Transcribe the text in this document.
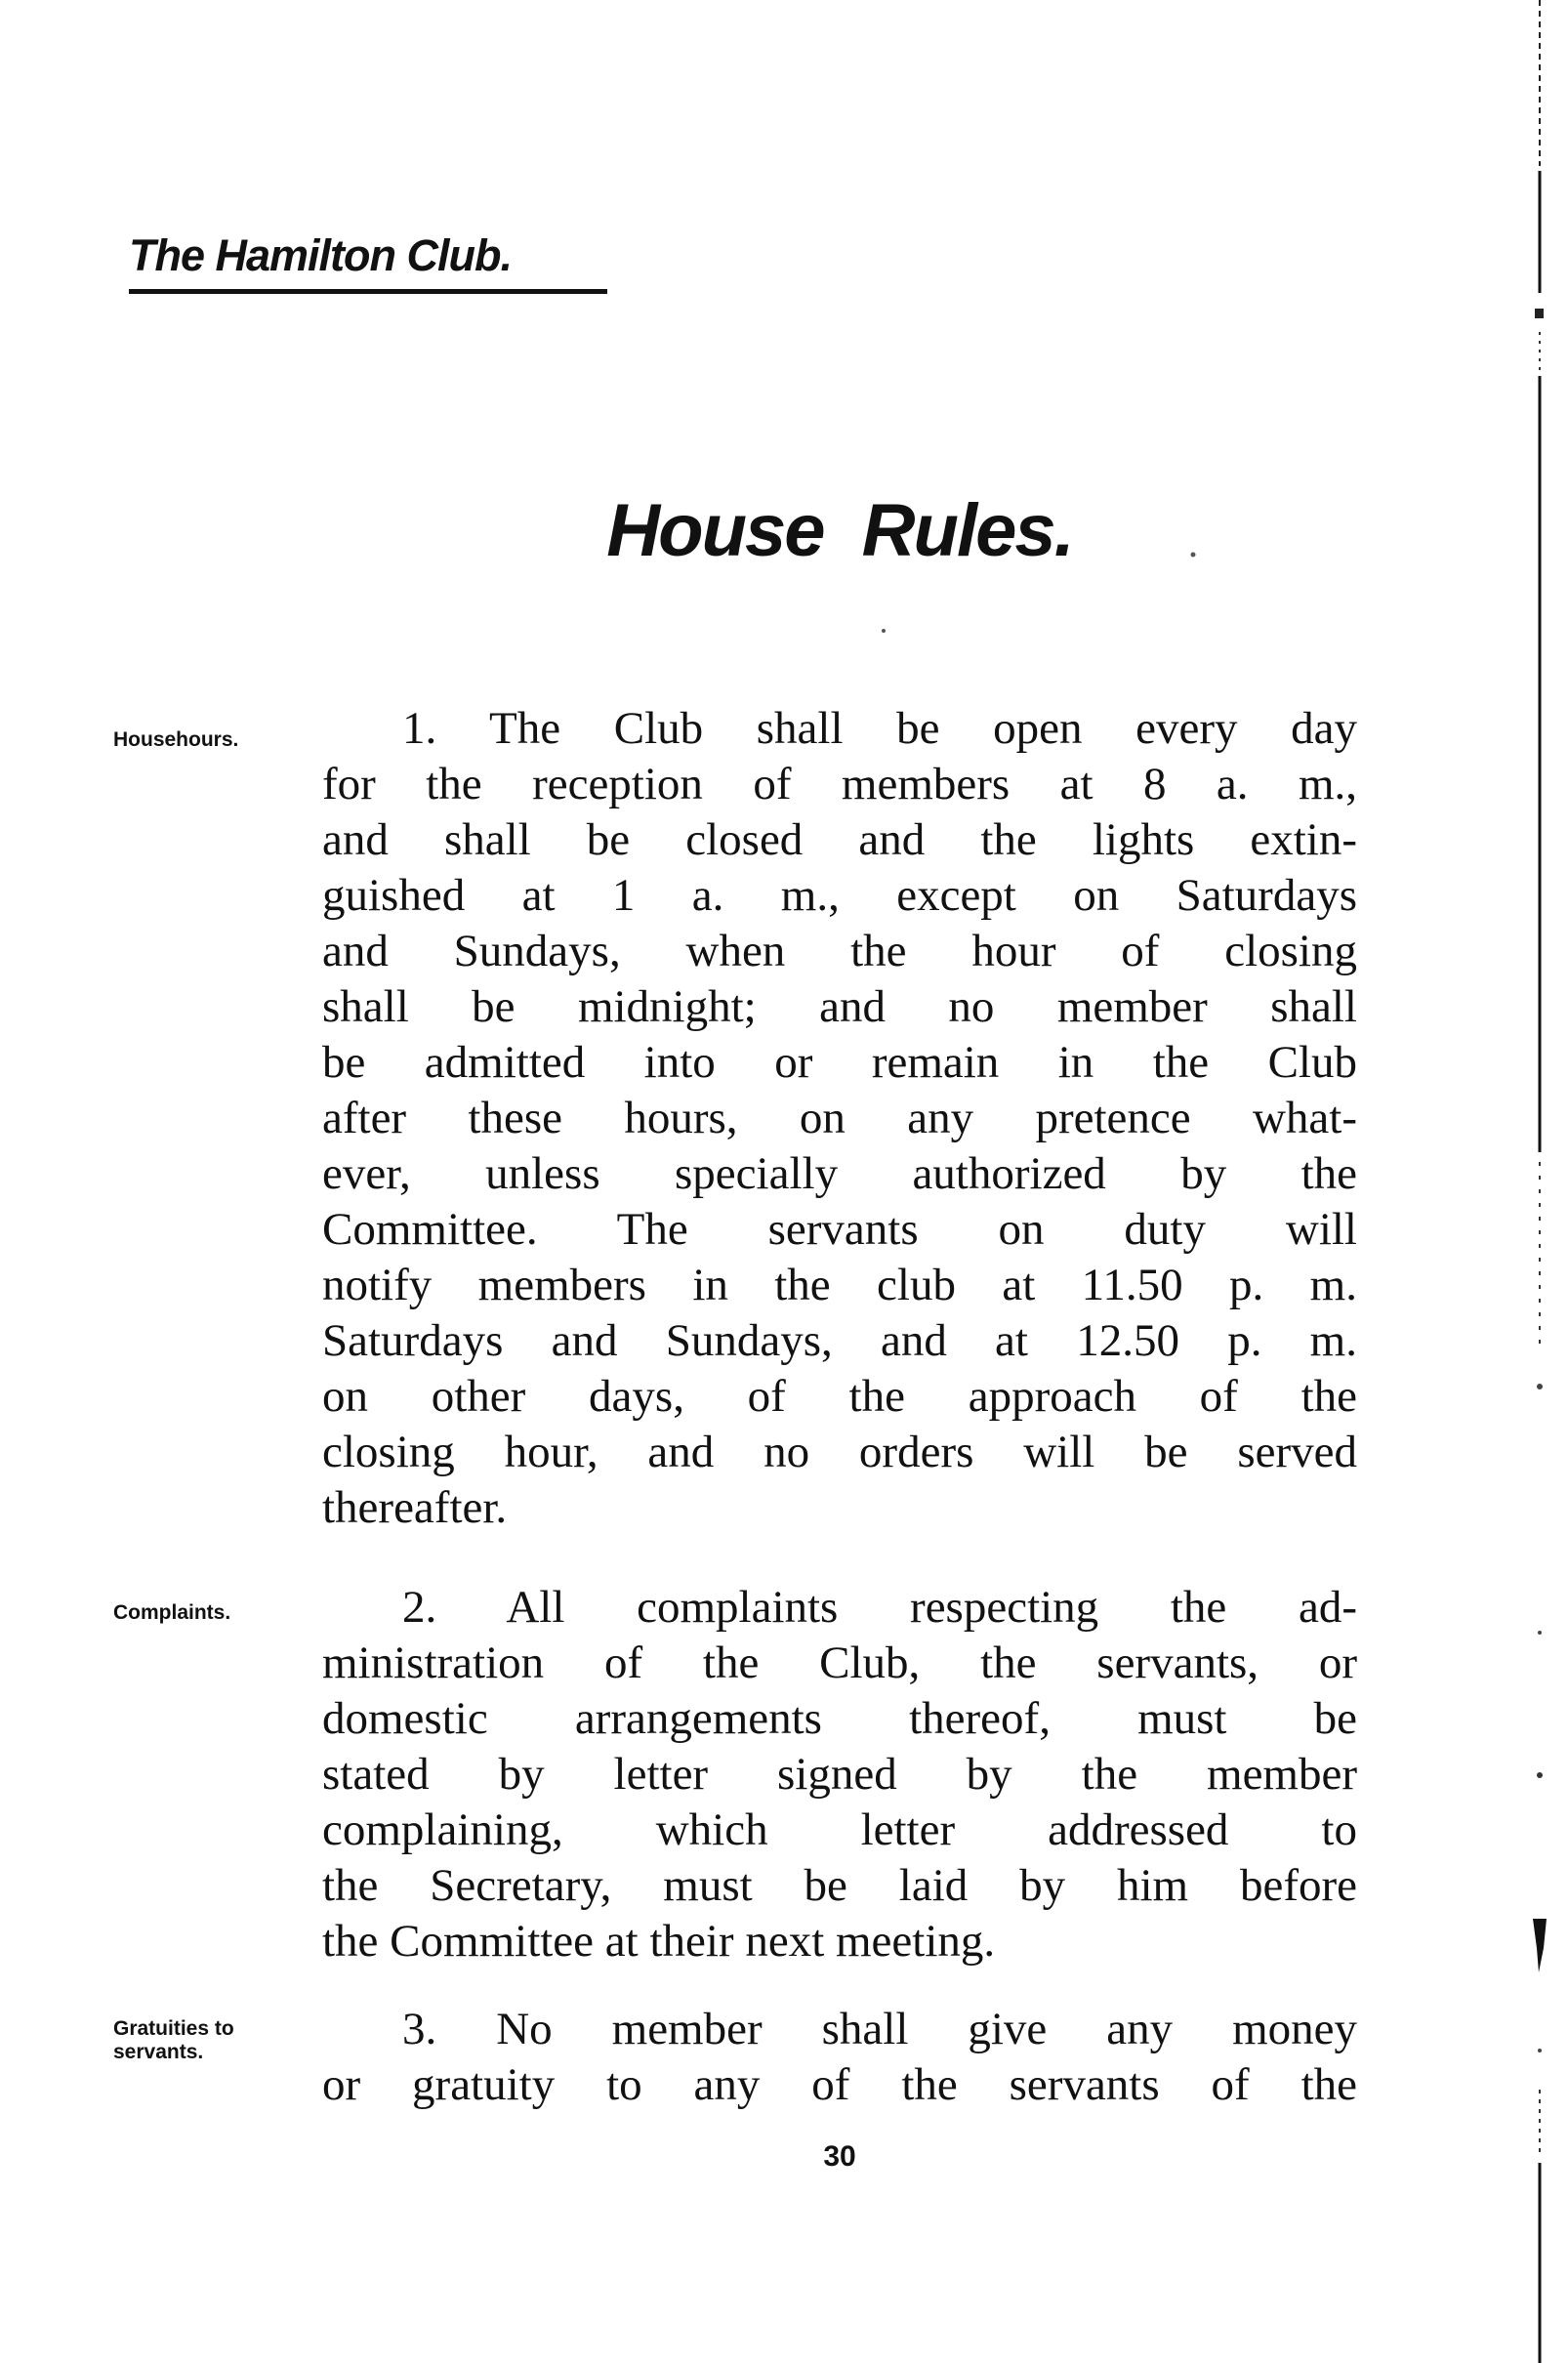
The Hamilton Club.
House Rules.
Househours.	1. The Club shall be open every day
for the reception of members at 8 a. m.,
and shall be closed and the lights extin-
guished at 1 a. m., except on Saturdays
and Sundays, when the hour of closing
shall be midnight; and no member shall
be admitted into or remain in the Club
after these hours, on any pretence what-
ever, unless specially authorized by the
Committee. The servants on duty will
notify members in the club at 11.50 p. m.
Saturdays and Sundays, and at 12.50 p. m.
on other days, of the approach of the
closing hour, and no orders will be served
thereafter.
Complaints.	2. All complaints respecting the ad-
ministration of the Club, the servants, or
domestic arrangements thereof, must be
stated by letter signed by the member
complaining, which letter addressed to
the Secretary, must be laid by him before
the Committee at their next meeting.
Gratuities to
servants.	3. No member shall give any money
or gratuity to any of the servants of the
30
